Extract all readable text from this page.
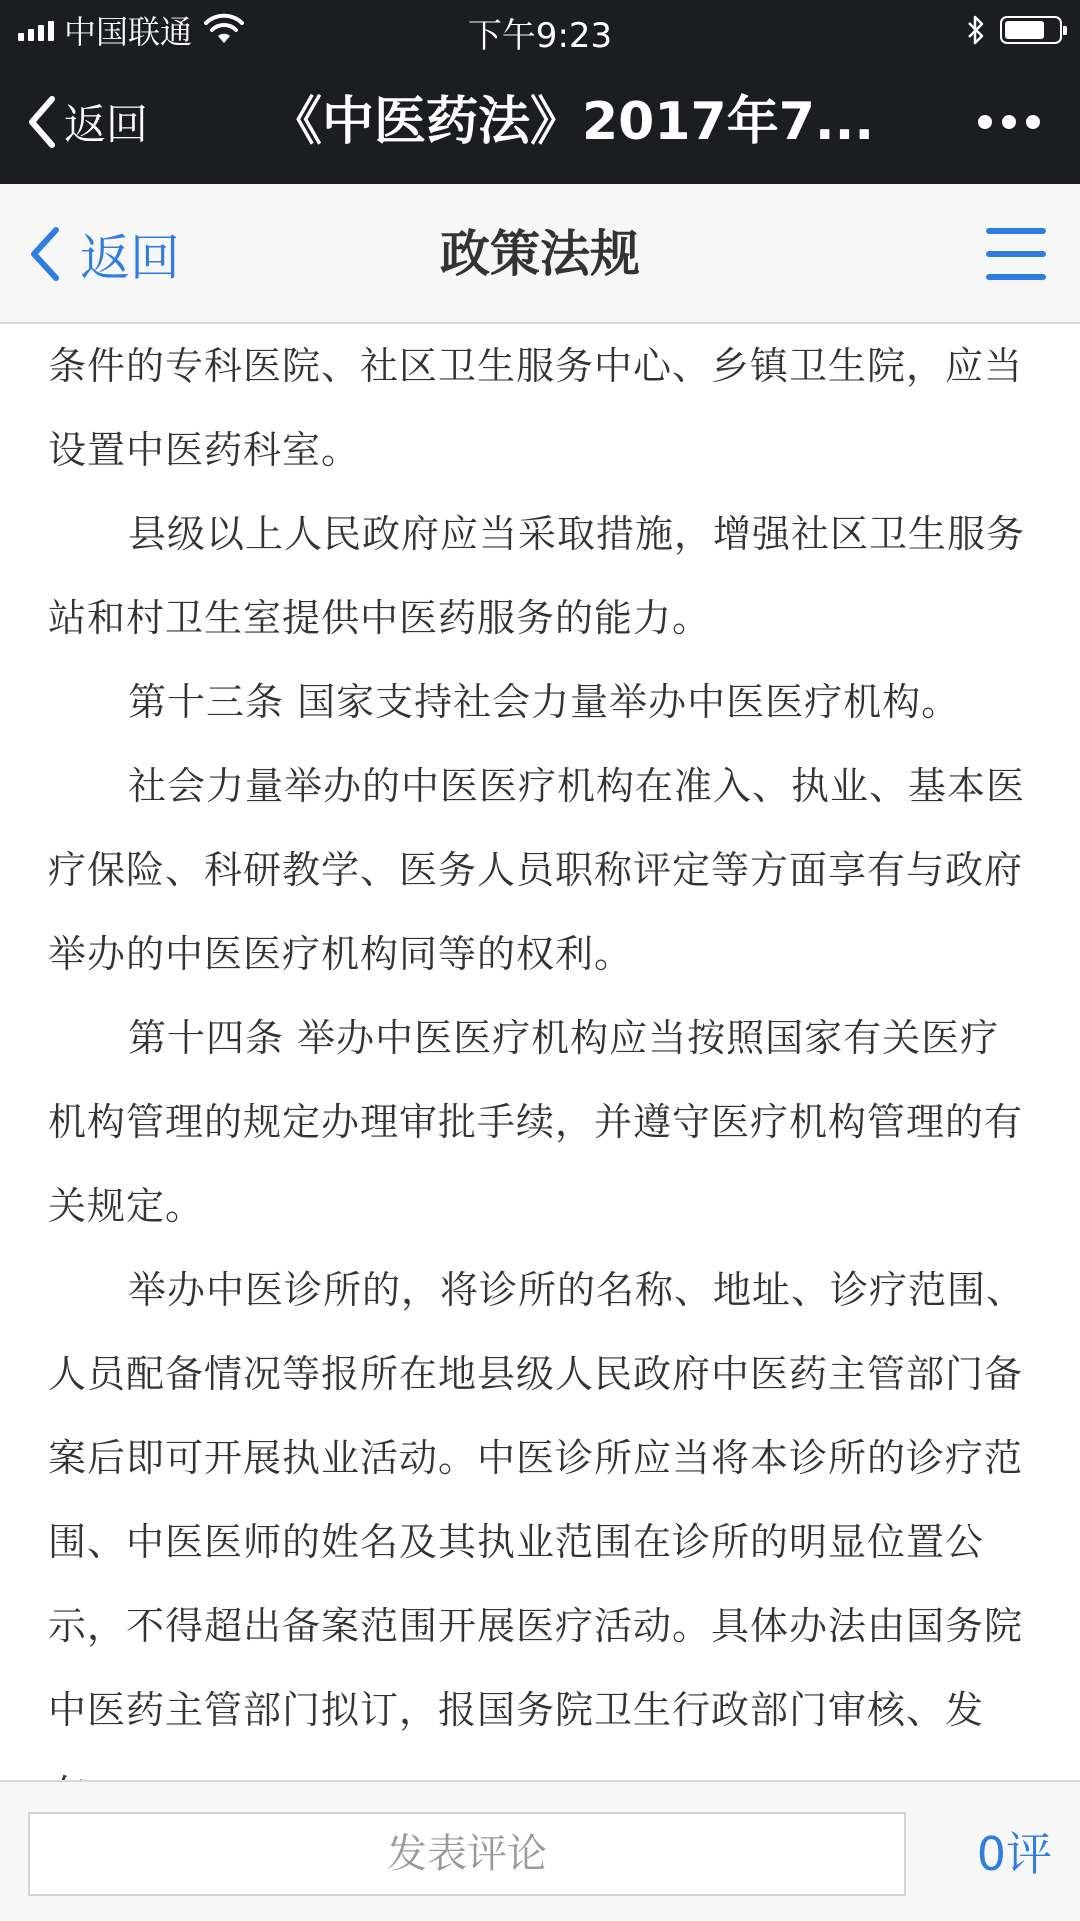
中国联通	下午9:23
返回 《中医药法》2017年7...
返回	政策法规

条件的专科医院、社区卫生服务中心、乡镇卫生院，应当设置中医药科室。

县级以上人民政府应当采取措施，增强社区卫生服务站和村卫生室提供中医药服务的能力。

第十三条 国家支持社会力量举办中医医疗机构。

社会力量举办的中医医疗机构在准入、执业、基本医疗保险、科研教学、医务人员职称评定等方面享有与政府举办的中医医疗机构同等的权利。

第十四条 举办中医医疗机构应当按照国家有关医疗机构管理的规定办理审批手续，并遵守医疗机构管理的有关规定。

举办中医诊所的，将诊所的名称、地址、诊疗范围、人员配备情况等报所在地县级人民政府中医药主管部门备案后即可开展执业活动。中医诊所应当将本诊所的诊疗范围、中医医师的姓名及其执业范围在诊所的明显位置公示，不得超出备案范围开展医疗活动。具体办法由国务院中医药主管部门拟订，报国务院卫生行政部门审核、发

发表评论	0评
